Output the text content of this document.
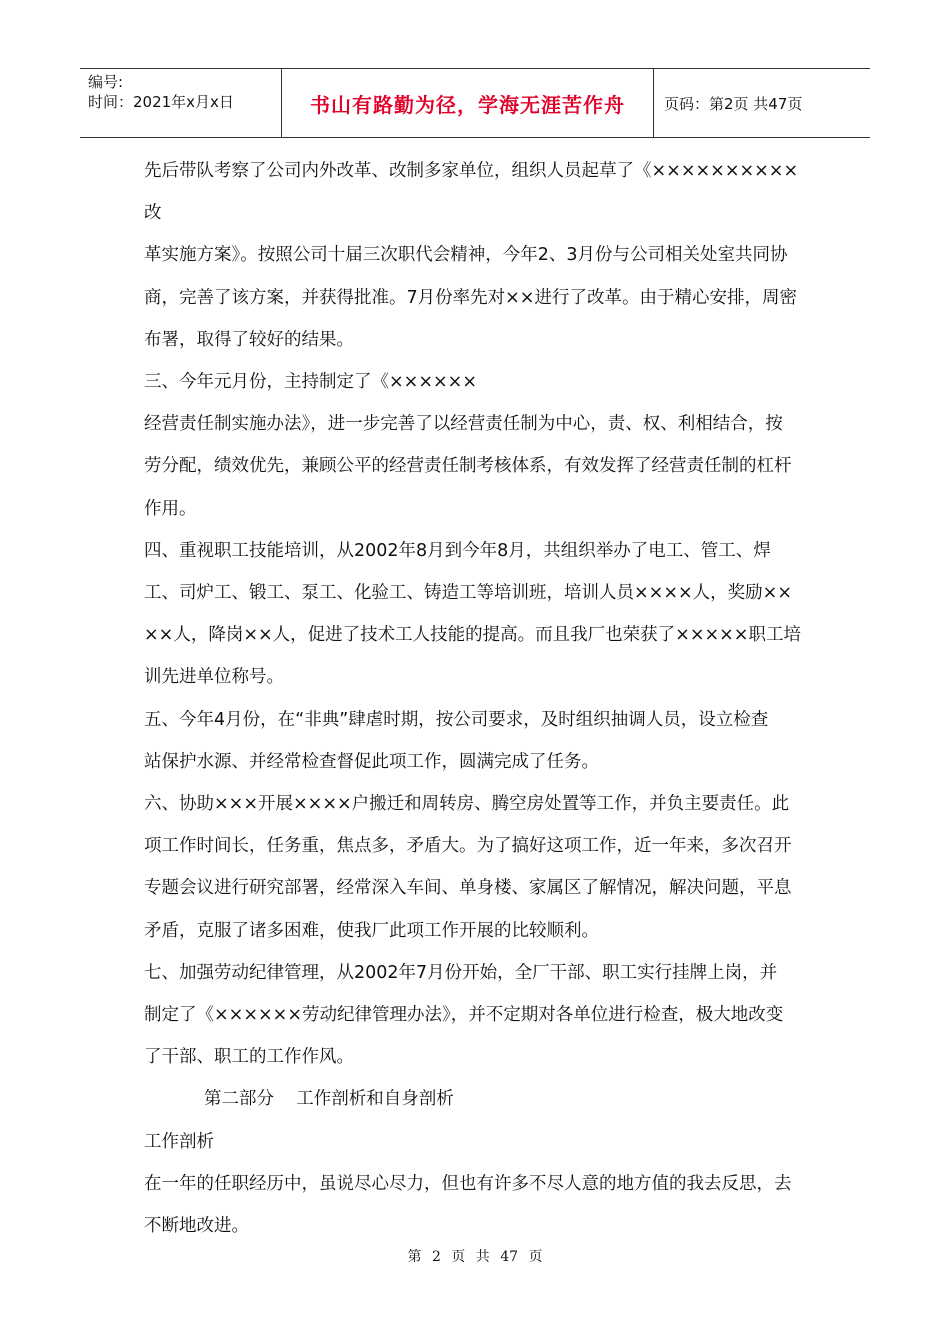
编号:
时间：2021年x月x日	书山有路勤为径，学海无涯苦作舟	页码：第2页 共47页

先后带队考察了公司内外改革、改制多家单位，组织人员起草了《××××××××××改

革实施方案》。按照公司十届三次职代会精神，今年2、3月份与公司相关处室共同协

商，完善了该方案，并获得批准。7月份率先对××进行了改革。由于精心安排，周密

布署，取得了较好的结果。

三、今年元月份，主持制定了《××××××

经营责任制实施办法》，进一步完善了以经营责任制为中心，责、权、利相结合，按

劳分配，绩效优先，兼顾公平的经营责任制考核体系，有效发挥了经营责任制的杠杆

作用。

四、重视职工技能培训，从2002年8月到今年8月，共组织举办了电工、管工、焊

工、司炉工、锻工、泵工、化验工、铸造工等培训班，培训人员××××人，奖励××

××人，降岗××人，促进了技术工人技能的提高。而且我厂也荣获了×××××职工培

训先进单位称号。

五、今年4月份，在“非典”肆虐时期，按公司要求，及时组织抽调人员，设立检查

站保护水源、并经常检查督促此项工作，圆满完成了任务。

六、协助×××开展××××户搬迁和周转房、腾空房处置等工作，并负主要责任。此

项工作时间长，任务重，焦点多，矛盾大。为了搞好这项工作，近一年来，多次召开

专题会议进行研究部署，经常深入车间、单身楼、家属区了解情况，解决问题，平息

矛盾，克服了诸多困难，使我厂此项工作开展的比较顺利。

七、加强劳动纪律管理，从2002年7月份开始，全厂干部、职工实行挂牌上岗，并

制定了《××××××劳动纪律管理办法》，并不定期对各单位进行检查，极大地改变

了干部、职工的工作作风。

第二部分    工作剖析和自身剖析

工作剖析

在一年的任职经历中，虽说尽心尽力，但也有许多不尽人意的地方值的我去反思，去

不断地改进。

第 2 页 共 47 页
